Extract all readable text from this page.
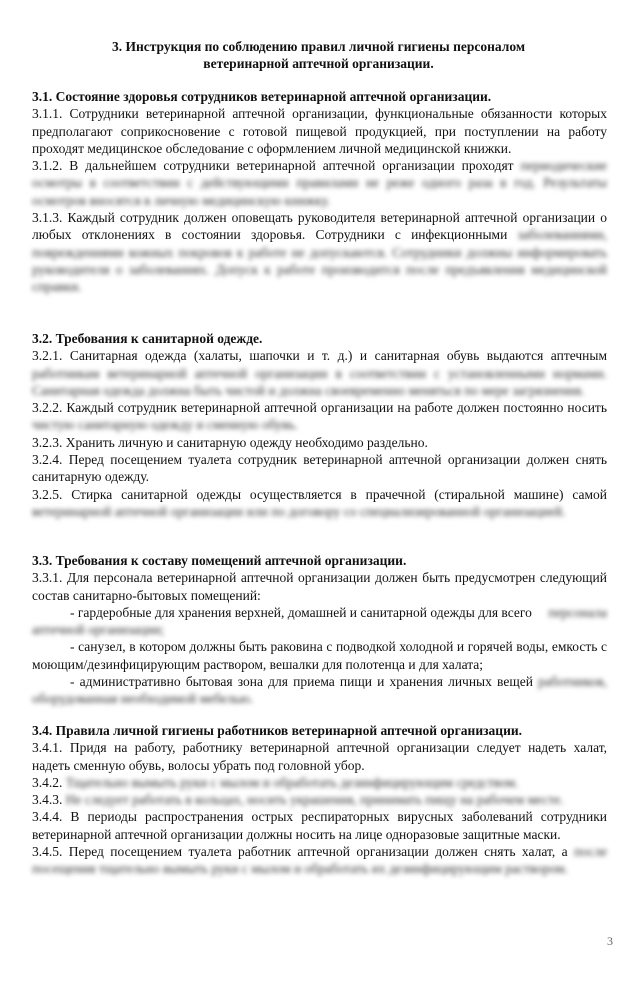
3. Инструкция по соблюдению правил личной гигиены персоналом
ветеринарной аптечной организации.

3.1. Состояние здоровья сотрудников ветеринарной аптечной организации.

3.1.1. Сотрудники ветеринарной аптечной организации, функциональные обязанности которых предполагают соприкосновение с готовой пищевой продукцией, при поступлении на работу проходят медицинское обследование с оформлением личной медицинской книжки.

3.1.2. В дальнейшем сотрудники ветеринарной аптечной организации проходят периодические осмотры в соответствии с действующими правилами не реже одного раза в год. Результаты осмотров вносятся в личную медицинскую книжку.

3.1.3. Каждый сотрудник должен оповещать руководителя ветеринарной аптечной организации о любых отклонениях в состоянии здоровья. Сотрудники с инфекционными заболеваниями, повреждениями кожных покровов к работе не допускаются. Сотрудники должны информировать руководителя о заболеваниях. Допуск к работе производится после предъявления медицинской справки.

3.2. Требования к санитарной одежде.

3.2.1. Санитарная одежда (халаты, шапочки и т. д.) и санитарная обувь выдаются аптечным работникам ветеринарной аптечной организации в соответствии с установленными нормами. Санитарная одежда должна быть чистой и должна своевременно меняться по мере загрязнения.

3.2.2. Каждый сотрудник ветеринарной аптечной организации на работе должен постоянно носить чистую санитарную одежду и сменную обувь.

3.2.3. Хранить личную и санитарную одежду необходимо раздельно.

3.2.4. Перед посещением туалета сотрудник ветеринарной аптечной организации должен снять санитарную одежду.

3.2.5. Стирка санитарной одежды осуществляется в прачечной (стиральной машине) самой ветеринарной аптечной организации или по договору со специализированной организацией.

3.3. Требования к составу помещений аптечной организации.

3.3.1. Для персонала ветеринарной аптечной организации должен быть предусмотрен следующий состав санитарно-бытовых помещений:

- гардеробные для хранения верхней, домашней и санитарной одежды для всего персонала аптечной организации;

- санузел, в котором должны быть раковина с подводкой холодной и горячей воды, емкость с моющим/дезинфицирующим раствором, вешалки для полотенца и для халата;

- административно бытовая зона для приема пищи и хранения личных вещей работников, оборудованная необходимой мебелью.

3.4. Правила личной гигиены работников ветеринарной аптечной организации.

3.4.1. Придя на работу, работнику ветеринарной аптечной организации следует надеть халат, надеть сменную обувь, волосы убрать под головной убор.

3.4.2. Тщательно вымыть руки с мылом и обработать дезинфицирующим средством.

3.4.3. Не следует работать в кольцах, носить украшения, принимать пищу на рабочем месте.

3.4.4. В периоды распространения острых респираторных вирусных заболеваний сотрудники ветеринарной аптечной организации должны носить на лице одноразовые защитные маски.

3.4.5. Перед посещением туалета работник аптечной организации должен снять халат, а после посещения тщательно вымыть руки с мылом и обработать их дезинфицирующим раствором.

3
